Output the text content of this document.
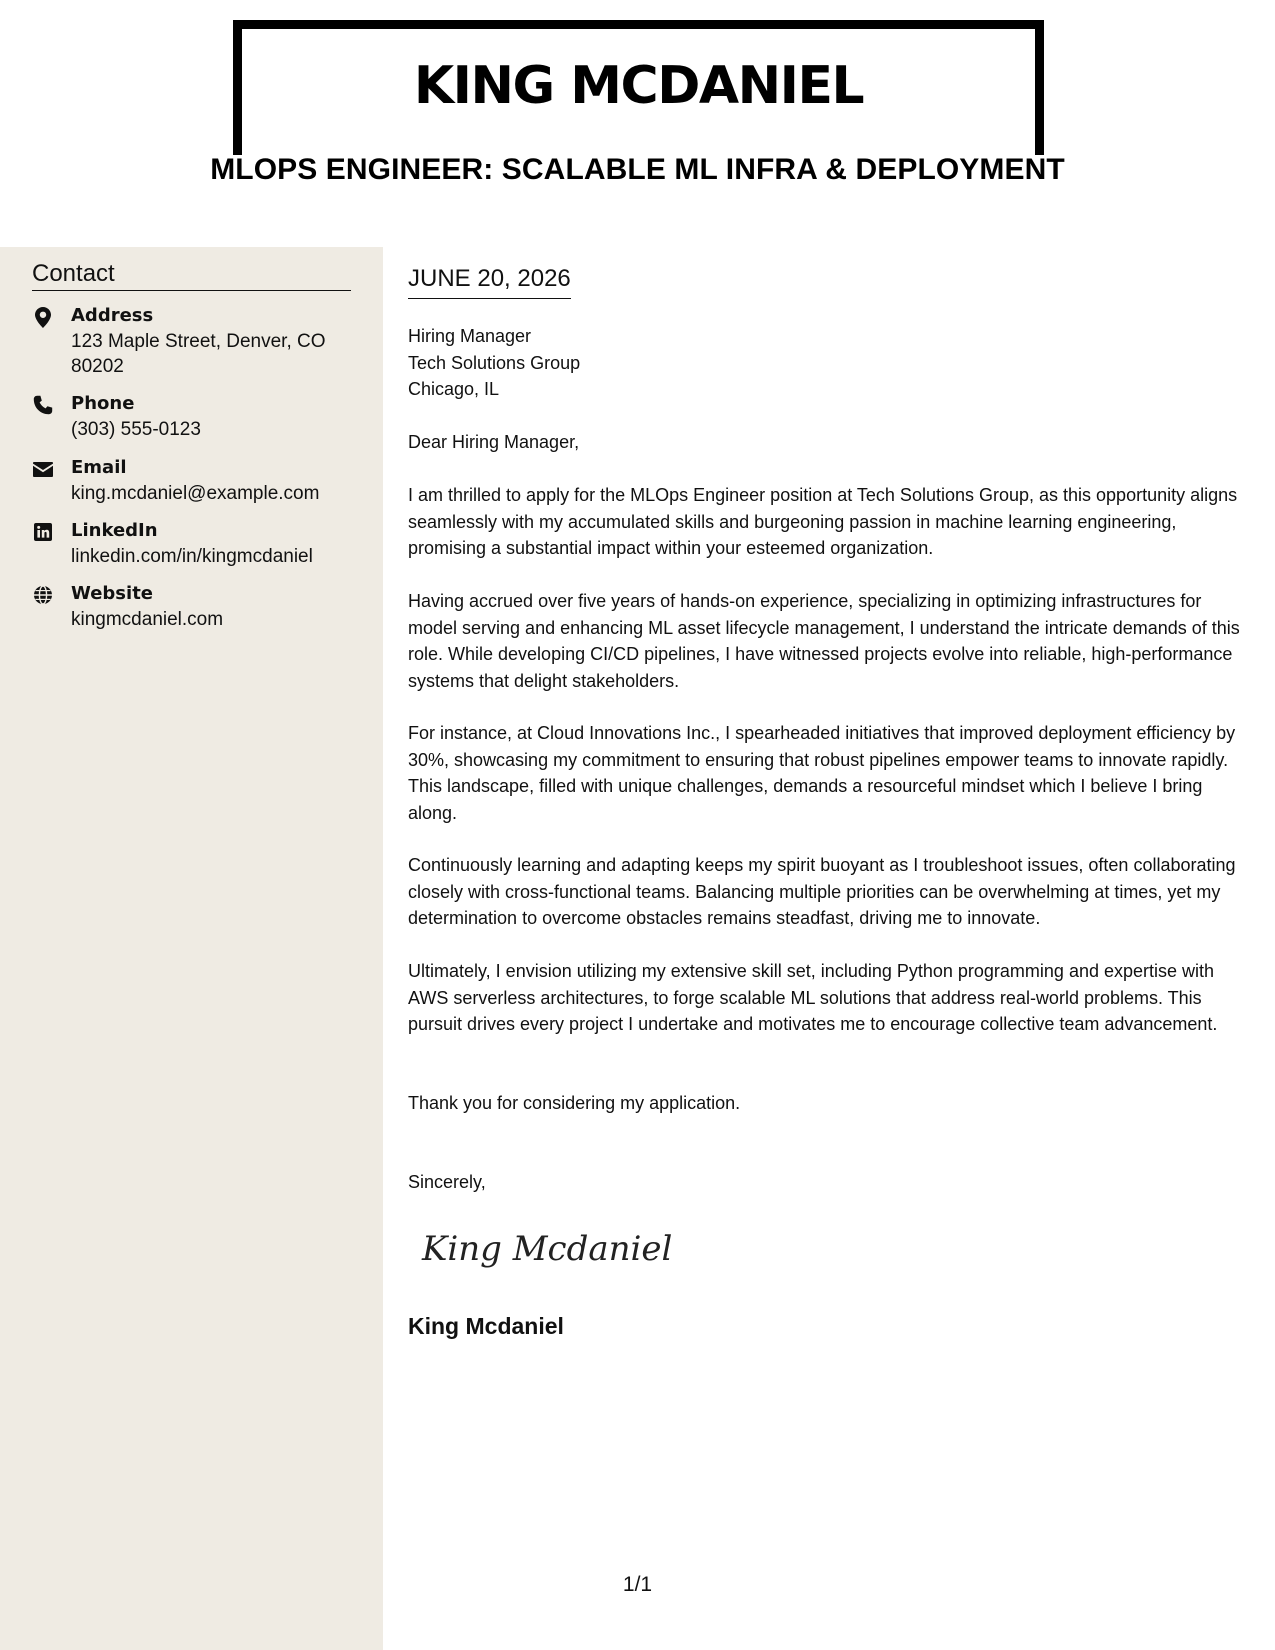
KING MCDANIEL
MLOPS ENGINEER: SCALABLE ML INFRA & DEPLOYMENT
Contact
Address
123 Maple Street, Denver, CO 80202
Phone
(303) 555-0123
Email
king.mcdaniel@example.com
LinkedIn
linkedin.com/in/kingmcdaniel
Website
kingmcdaniel.com
JUNE 20, 2026
Hiring Manager
Tech Solutions Group
Chicago, IL
Dear Hiring Manager,

I am thrilled to apply for the MLOps Engineer position at Tech Solutions Group, as this opportunity aligns seamlessly with my accumulated skills and burgeoning passion in machine learning engineering, promising a substantial impact within your esteemed organization.

Having accrued over five years of hands-on experience, specializing in optimizing infrastructures for model serving and enhancing ML asset lifecycle management, I understand the intricate demands of this role. While developing CI/CD pipelines, I have witnessed projects evolve into reliable, high-performance systems that delight stakeholders.

For instance, at Cloud Innovations Inc., I spearheaded initiatives that improved deployment efficiency by 30%, showcasing my commitment to ensuring that robust pipelines empower teams to innovate rapidly. This landscape, filled with unique challenges, demands a resourceful mindset which I believe I bring along.

Continuously learning and adapting keeps my spirit buoyant as I troubleshoot issues, often collaborating closely with cross-functional teams. Balancing multiple priorities can be overwhelming at times, yet my determination to overcome obstacles remains steadfast, driving me to innovate.

Ultimately, I envision utilizing my extensive skill set, including Python programming and expertise with AWS serverless architectures, to forge scalable ML solutions that address real-world problems. This pursuit drives every project I undertake and motivates me to encourage collective team advancement.

Thank you for considering my application.

Sincerely,
King Mcdaniel
King Mcdaniel
1/1
